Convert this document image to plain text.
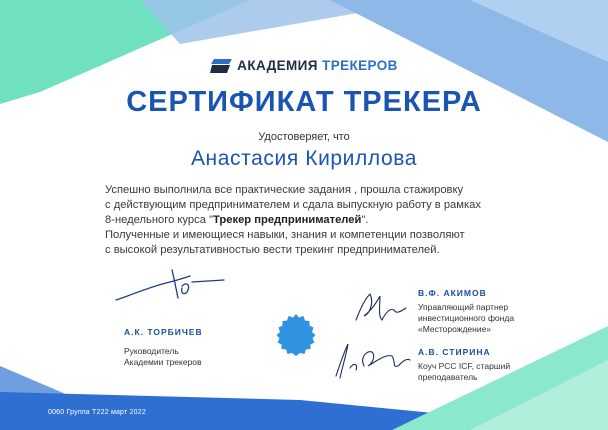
АКАДЕМИЯ ТРЕКЕРОВ
СЕРТИФИКАТ ТРЕКЕРА
Удостоверяет, что
Анастасия Кириллова

Успешно выполнила все практические задания , прошла стажировку

с действующим предпринимателем и сдала выпускную работу в рамках

8-недельного курса "Трекер предпринимателей".

Полученные и имеющиеся навыки, знания и компетенции позволяют

с высокой результативностью вести трекинг предпринимателей.

А.К. ТОРБИЧЕВ
Руководитель
Академии трекеров
В.Ф. АКИМОВ
Управляющий партнер
инвестиционного фонда
«Месторождение»
А.В. СТИРИНА
Коуч РСС ICF, старший
преподаватель
0060 Группа Т222 март 2022
